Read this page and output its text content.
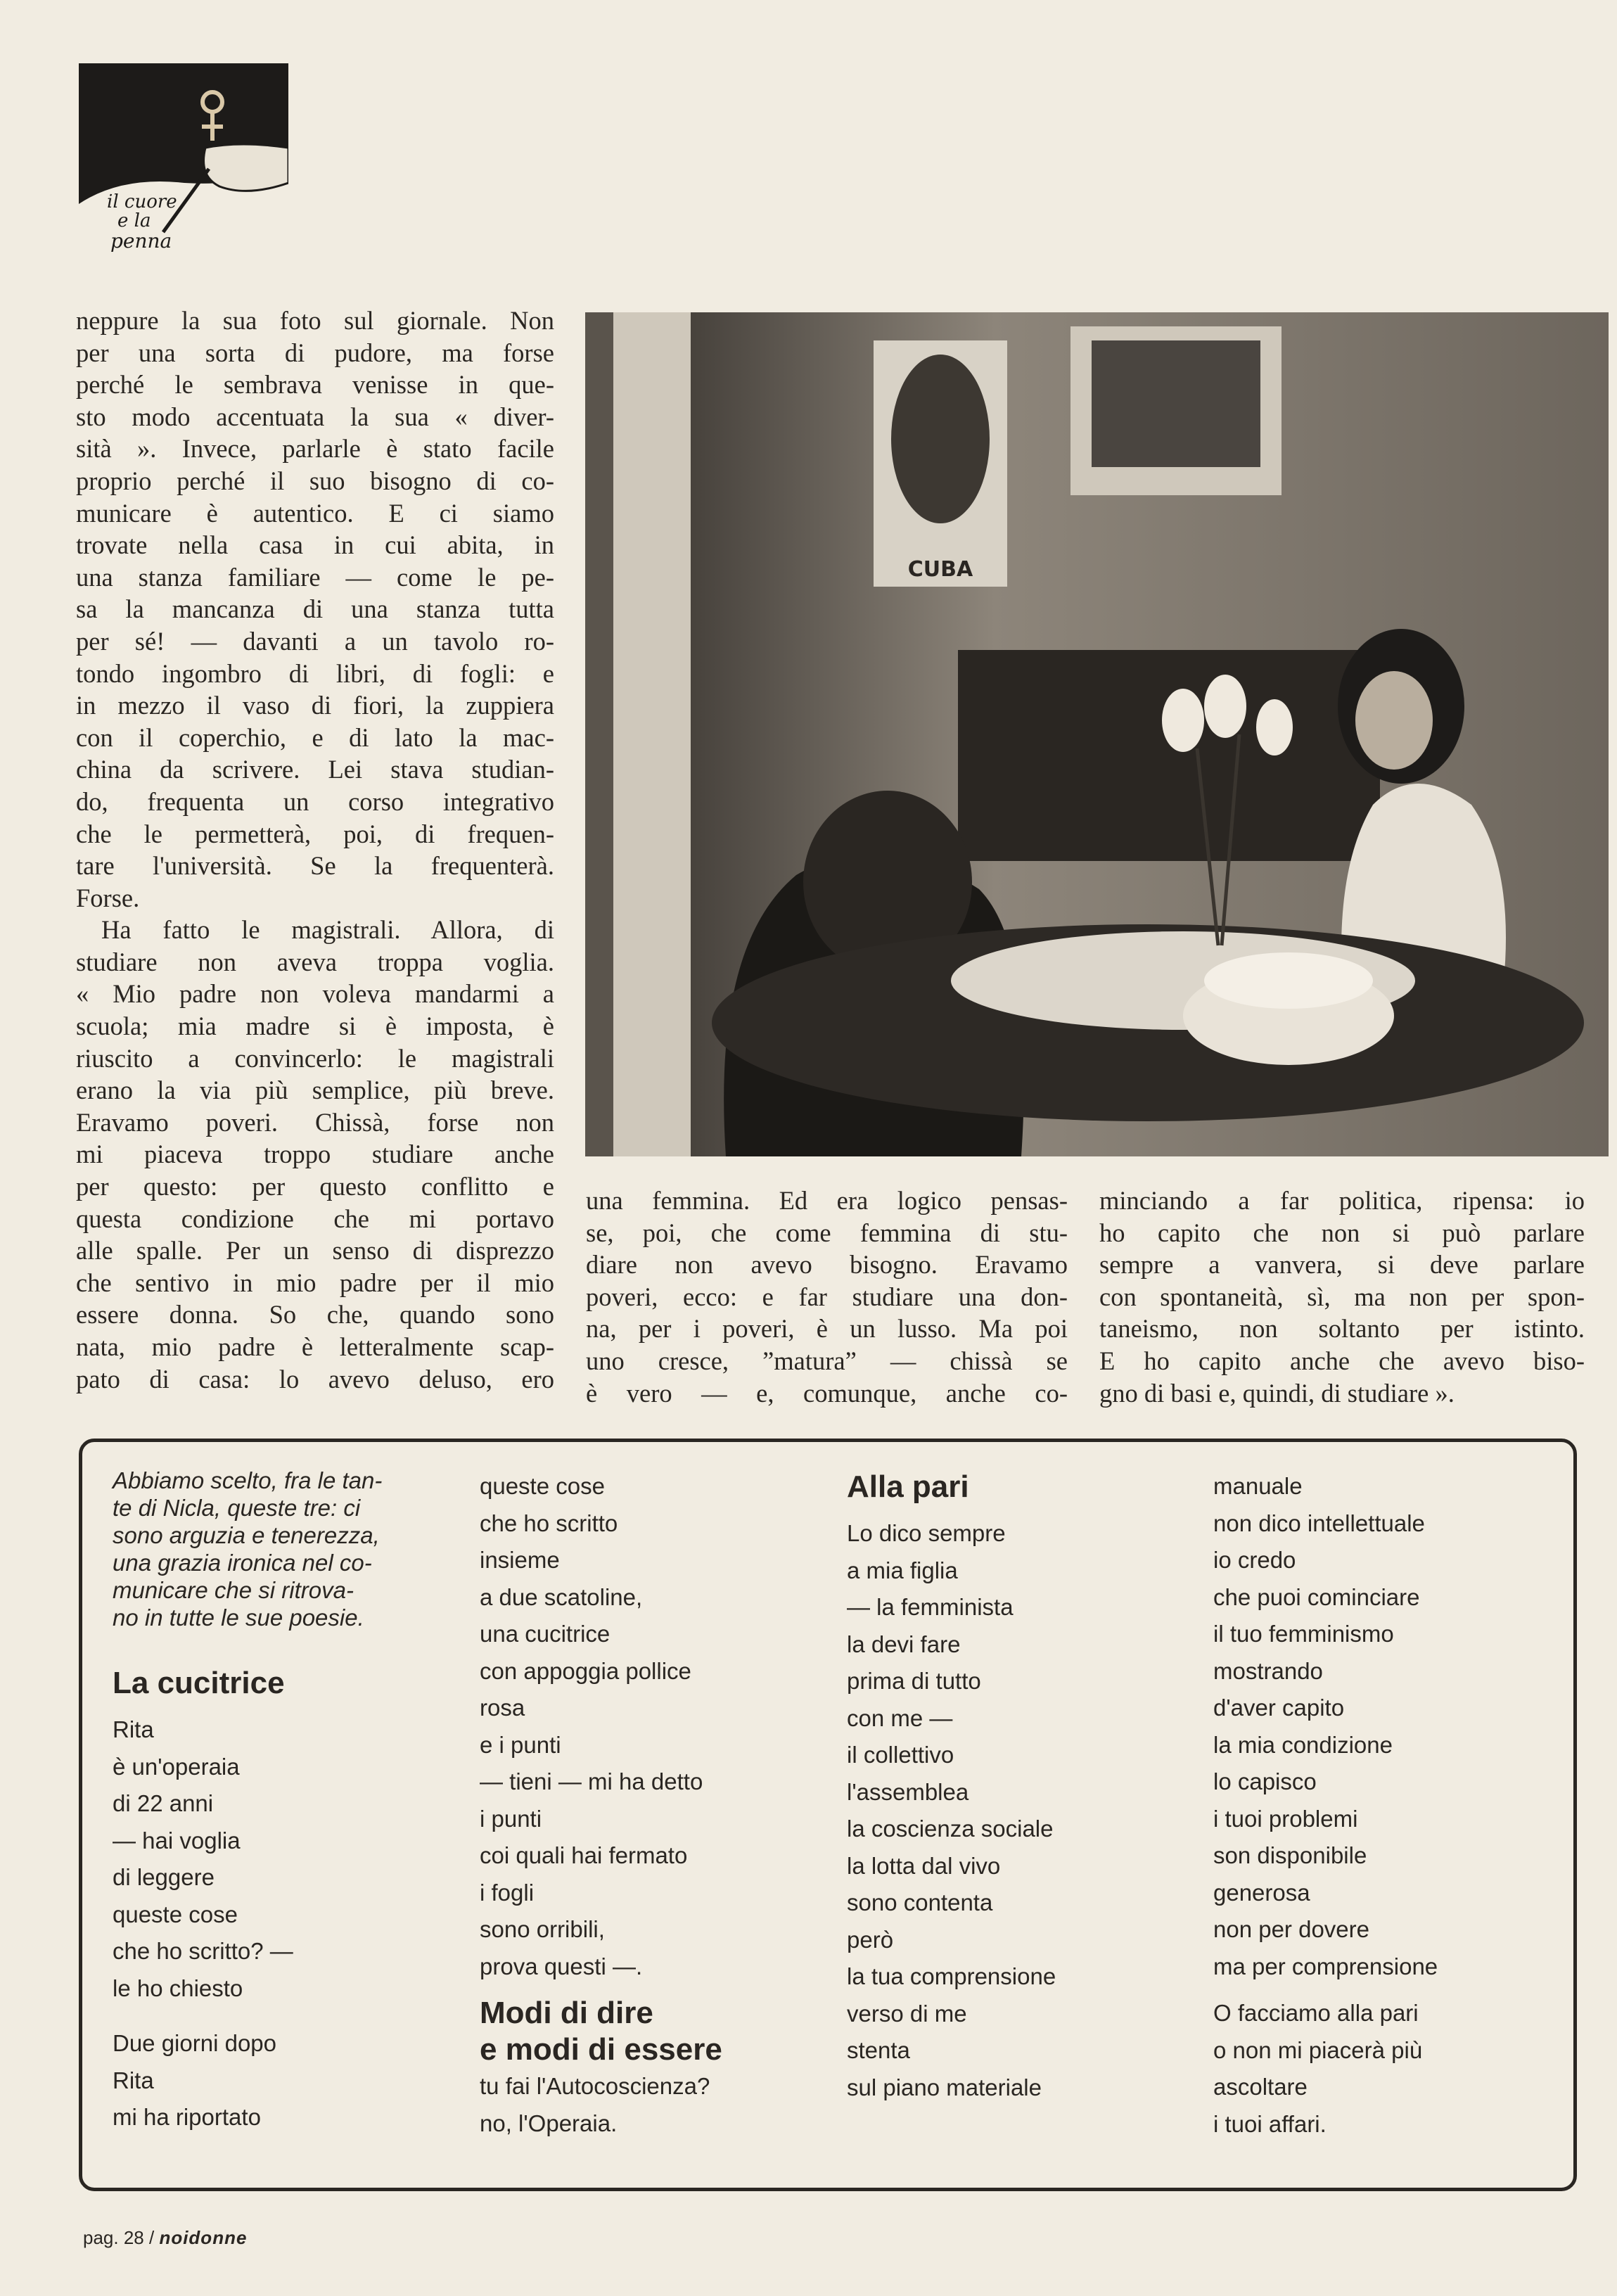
il cuore
e la
penna

neppure la sua foto sul giornale. Non
per una sorta di pudore, ma forse
perché le sembrava venisse in que-
sto modo accentuata la sua « diver-
sità ». Invece, parlarle è stato facile
proprio perché il suo bisogno di co-
municare è autentico. E ci siamo
trovate nella casa in cui abita, in
una stanza familiare — come le pe-
sa la mancanza di una stanza tutta
per sé! — davanti a un tavolo ro-
tondo ingombro di libri, di fogli: e
in mezzo il vaso di fiori, la zuppiera
con il coperchio, e di lato la mac-
china da scrivere. Lei stava studian-
do, frequenta un corso integrativo
che le permetterà, poi, di frequen-
tare l'università. Se la frequenterà.
Forse.

Ha fatto le magistrali. Allora, di
studiare non aveva troppa voglia.
« Mio padre non voleva mandarmi a
scuola; mia madre si è imposta, è
riuscito a convincerlo: le magistrali
erano la via più semplice, più breve.
Eravamo poveri. Chissà, forse non
mi piaceva troppo studiare anche
per questo: per questo conflitto e
questa condizione che mi portavo
alle spalle. Per un senso di disprezzo
che sentivo in mio padre per il mio
essere donna. So che, quando sono
nata, mio padre è letteralmente scap-
pato di casa: lo avevo deluso, ero

CUBA

una femmina. Ed era logico pensas-
se, poi, che come femmina di stu-
diare non avevo bisogno. Eravamo
poveri, ecco: e far studiare una don-
na, per i poveri, è un lusso. Ma poi
uno cresce, ”matura” — chissà se
è vero — e, comunque, anche co-

minciando a far politica, ripensa: io
ho capito che non si può parlare
sempre a vanvera, si deve parlare
con spontaneità, sì, ma non per spon-
taneismo, non soltanto per istinto.
E ho capito anche che avevo biso-
gno di basi e, quindi, di studiare ».

Abbiamo scelto, fra le tan-
te di Nicla, queste tre: ci
sono arguzia e tenerezza,
una grazia ironica nel co-
municare che si ritrova-
no in tutte le sue poesie.
La cucitrice
Rita
è un'operaia
di 22 anni
— hai voglia
di leggere
queste cose
che ho scritto? —
le ho chiesto
Due giorni dopo
Rita
mi ha riportato
queste cose
che ho scritto
insieme
a due scatoline,
una cucitrice
con appoggia pollice
rosa
e i punti
— tieni — mi ha detto
i punti
coi quali hai fermato
i fogli
sono orribili,
prova questi —.
Modi di dire
e modi di essere
tu fai l'Autocoscienza?
no, l'Operaia.
Alla pari
Lo dico sempre
a mia figlia
— la femminista
la devi fare
prima di tutto
con me —
il collettivo
l'assemblea
la coscienza sociale
la lotta dal vivo
sono contenta
però
la tua comprensione
verso di me
stenta
sul piano materiale
manuale
non dico intellettuale
io credo
che puoi cominciare
il tuo femminismo
mostrando
d'aver capito
la mia condizione
lo capisco
i tuoi problemi
son disponibile
generosa
non per dovere
ma per comprensione
O facciamo alla pari
o non mi piacerà più
ascoltare
i tuoi affari.
pag. 28 / noidonne
